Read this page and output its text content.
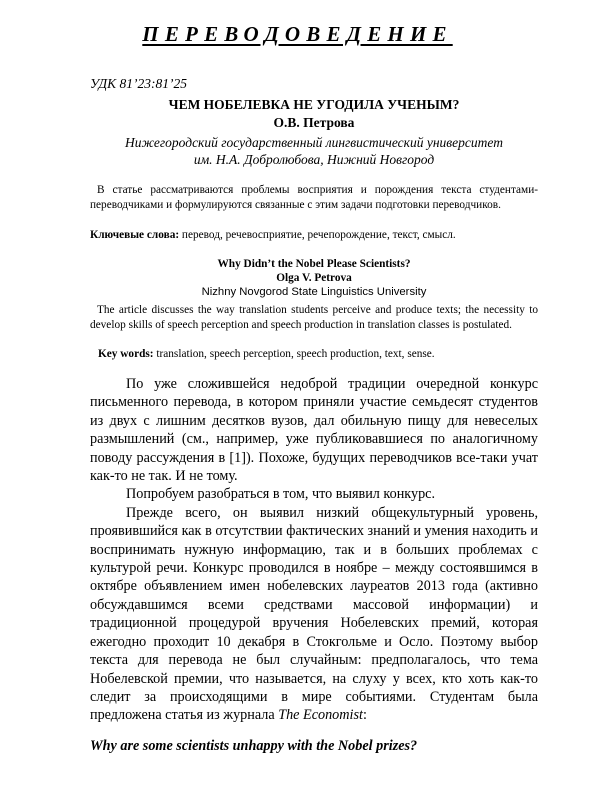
ПЕРЕВОДОВЕДЕНИЕ
УДК 81’23:81’25
ЧЕМ НОБЕЛЕВКА НЕ УГОДИЛА УЧЕНЫМ?
О.В. Петрова
Нижегородский государственный лингвистический университет
им. Н.А. Добролюбова, Нижний Новгород
В статье рассматриваются проблемы восприятия и порождения текста студентами-переводчиками и формулируются связанные с этим задачи подготовки переводчиков.
Ключевые слова: перевод, речевосприятие, речепорождение, текст, смысл.
Why Didn’t the Nobel Please Scientists?
Olga V. Petrova
Nizhny Novgorod State Linguistics University
The article discusses the way translation students perceive and produce texts; the necessity to develop skills of speech perception and speech production in translation classes is postulated.
Key words: translation, speech perception, speech production, text, sense.

По уже сложившейся недоброй традиции очередной конкурс письменного перевода, в котором приняли участие семьдесят студентов из двух с лишним десятков вузов, дал обильную пищу для невеселых размышлений (см., например, уже публиковавшиеся по аналогичному поводу рассуждения в [1]). Похоже, будущих переводчиков все-таки учат как-то не так. И не тому.

Попробуем разобраться в том, что выявил конкурс.

Прежде всего, он выявил низкий общекультурный уровень, проявившийся как в отсутствии фактических знаний и умения находить и воспринимать нужную информацию, так и в больших проблемах с культурой речи. Конкурс проводился в ноябре – между состоявшимся в октябре объявлением имен нобелевских лауреатов 2013 года (активно обсуждавшимся всеми средствами массовой информации) и традиционной процедурой вручения Нобелевских премий, которая ежегодно проходит 10 декабря в Стокгольме и Осло. Поэтому выбор текста для перевода не был случайным: предполагалось, что тема Нобелевской премии, что называется, на слуху у всех, кто хоть как-то следит за происходящими в мире событиями. Студентам была предложена статья из журнала The Economist:

Why are some scientists unhappy with the Nobel prizes?
